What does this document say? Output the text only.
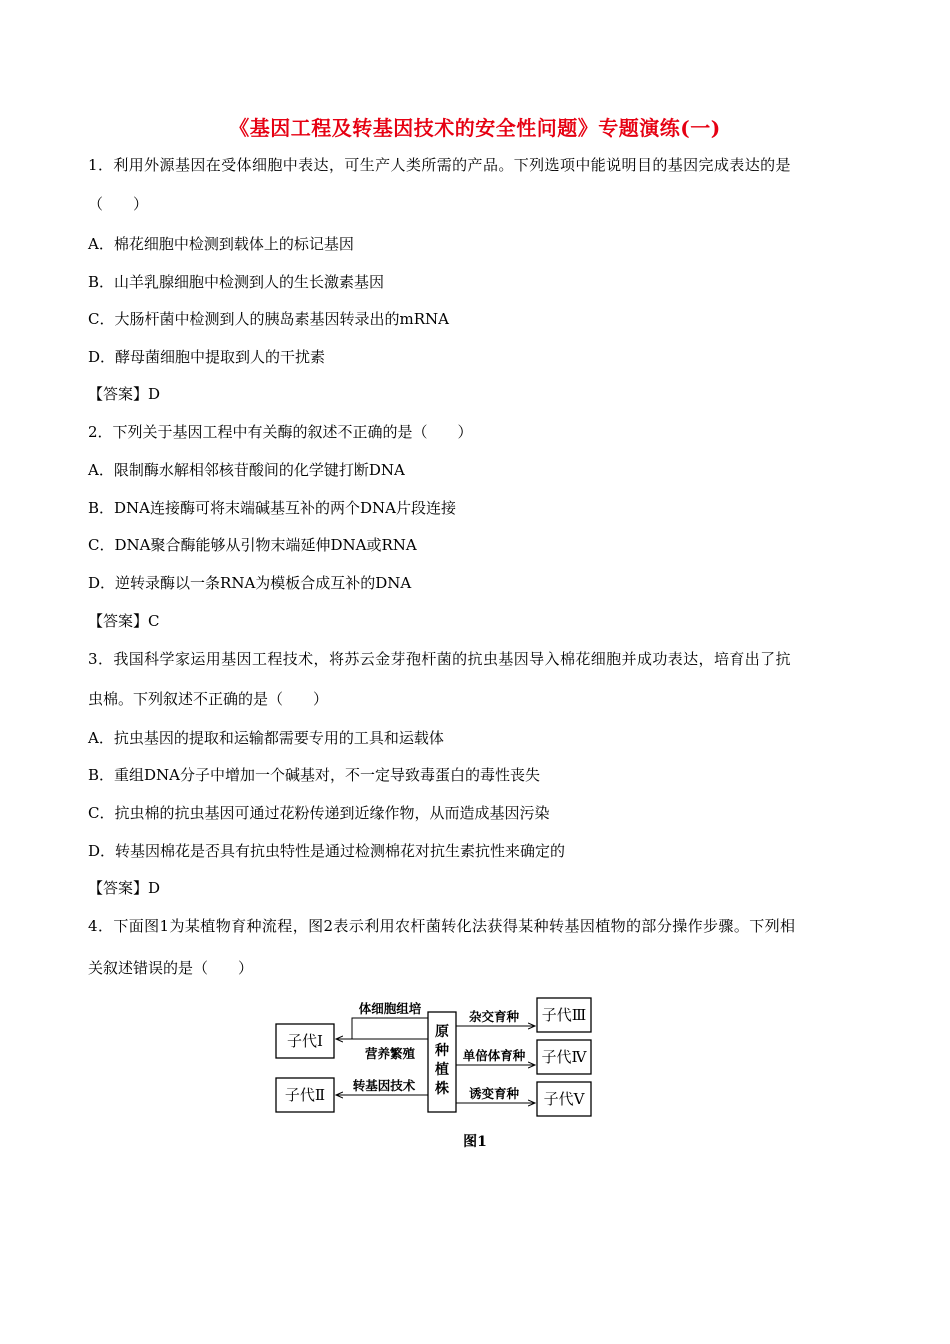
《基因工程及转基因技术的安全性问题》专题演练(一)
1．利用外源基因在受体细胞中表达，可生产人类所需的产品。下列选项中能说明目的基因完成表达的是
（　　）
A．棉花细胞中检测到载体上的标记基因
B．山羊乳腺细胞中检测到人的生长激素基因
C．大肠杆菌中检测到人的胰岛素基因转录出的mRNA
D．酵母菌细胞中提取到人的干扰素
【答案】D
2．下列关于基因工程中有关酶的叙述不正确的是（　　）
A．限制酶水解相邻核苷酸间的化学键打断DNA
B．DNA连接酶可将末端碱基互补的两个DNA片段连接
C．DNA聚合酶能够从引物末端延伸DNA或RNA
D．逆转录酶以一条RNA为模板合成互补的DNA
【答案】C
3．我国科学家运用基因工程技术，将苏云金芽孢杆菌的抗虫基因导入棉花细胞并成功表达，培育出了抗
虫棉。下列叙述不正确的是（　　）
A．抗虫基因的提取和运输都需要专用的工具和运载体
B．重组DNA分子中增加一个碱基对，不一定导致毒蛋白的毒性丧失
C．抗虫棉的抗虫基因可通过花粉传递到近缘作物，从而造成基因污染
D．转基因棉花是否具有抗虫特性是通过检测棉花对抗生素抗性来确定的
【答案】D
4．下面图1为某植物育种流程，图2表示利用农杆菌转化法获得某种转基因植物的部分操作步骤。下列相
关叙述错误的是（　　）
子代Ⅰ
子代Ⅱ
原
种
植
株
子代Ⅲ
子代Ⅳ
子代Ⅴ
体细胞组培
营养繁殖
转基因技术
杂交育种
单倍体育种
诱变育种
图1
